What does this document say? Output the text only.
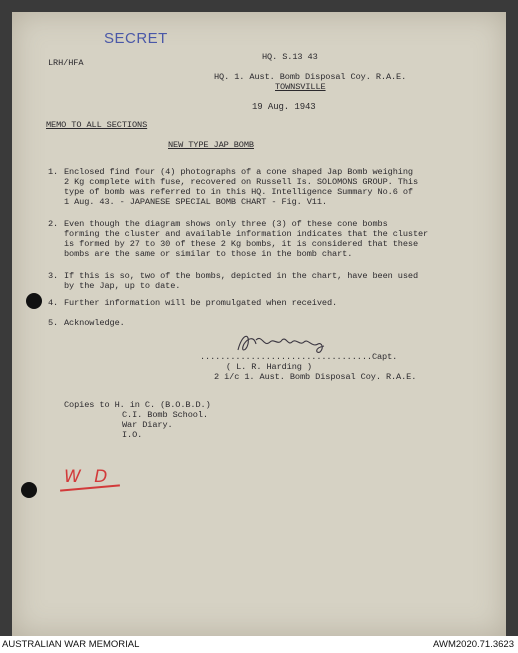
SECRET
HQ. S.13 43
LRH/HFA
HQ. 1. Aust. Bomb Disposal Coy. R.A.E.
TOWNSVILLE
19 Aug. 1943
MEMO TO ALL SECTIONS
NEW TYPE JAP BOMB
1. Enclosed find four (4) photographs of a cone shaped Jap Bomb weighing
2 Kg complete with fuse, recovered on Russell Is. SOLOMONS GROUP. This
type of bomb was referred to in this HQ. Intelligence Summary No.6 of
1 Aug. 43. - JAPANESE SPECIAL BOMB CHART - Fig. V11.
2. Even though the diagram shows only three (3) of these cone bombs
forming the cluster and available information indicates that the cluster
is formed by 27 to 30 of these 2 Kg bombs, it is considered that these
bombs are the same or similar to those in the bomb chart.
3. If this is so, two of the bombs, depicted in the chart, have been used
by the Jap, up to date.
4. Further information will be promulgated when received.
5. Acknowledge.
..................................Capt.
( L. R. Harding )
2 i/c 1. Aust. Bomb Disposal Coy. R.A.E.
Copies to H. in C. (B.O.B.D.)
C.I. Bomb School.
War Diary.
I.O.
W D
AUSTRALIAN WAR MEMORIAL	AWM2020.71.3623
